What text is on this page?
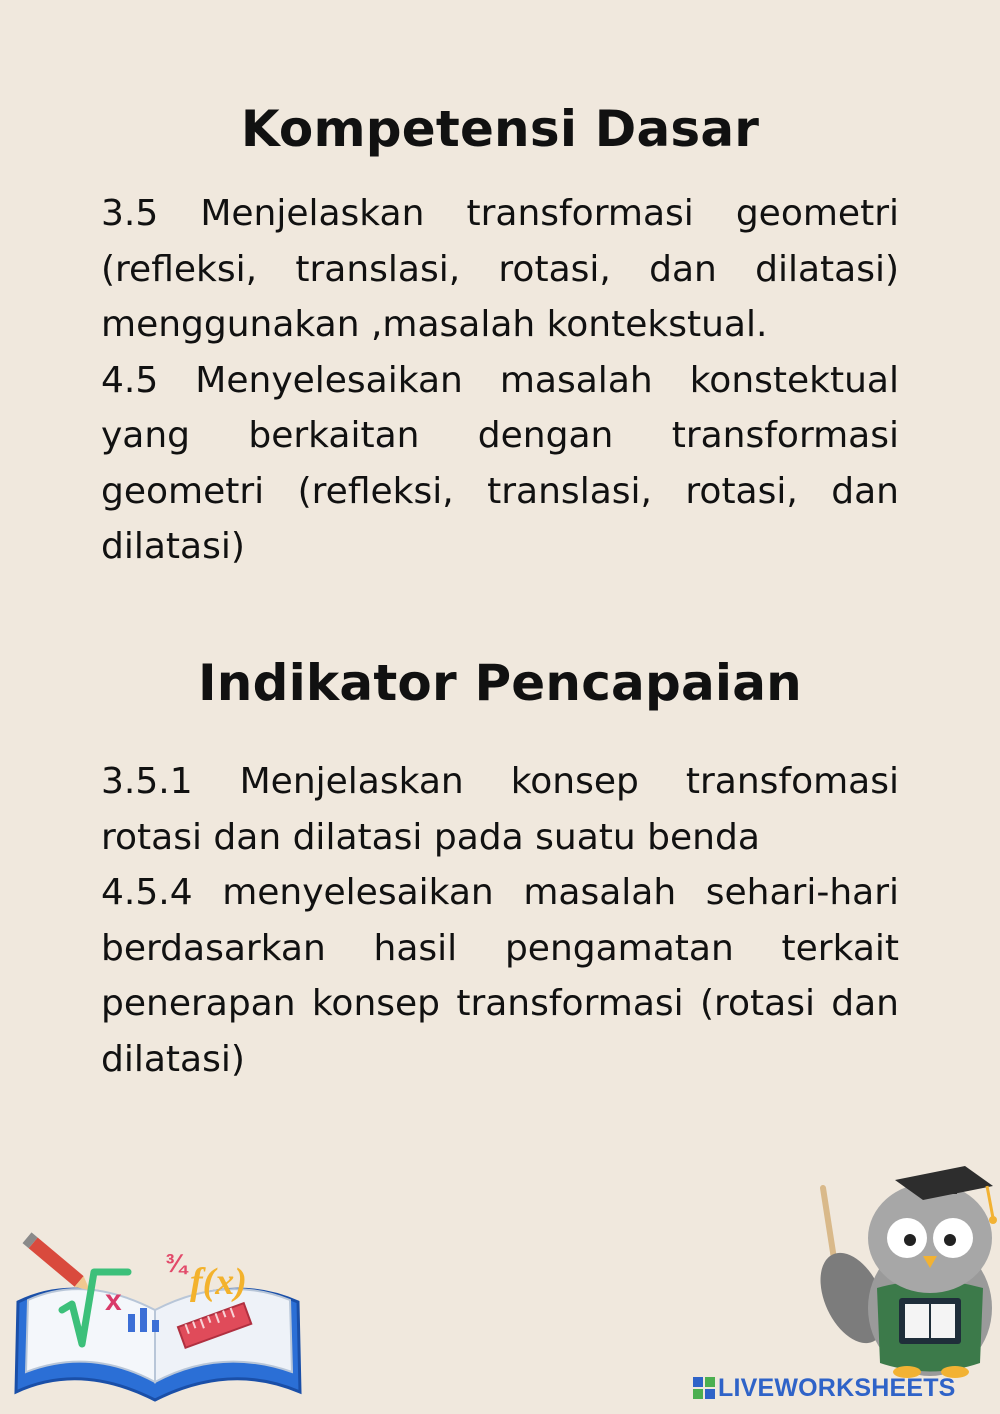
Kompetensi Dasar

3.5 Menjelaskan transformasi geometri (refleksi, translasi, rotasi, dan dilatasi) menggunakan ,masalah kontekstual.

4.5 Menyelesaikan masalah konstektual yang berkaitan dengan transformasi geometri (refleksi, translasi, rotasi, dan dilatasi)

Indikator Pencapaian

3.5.1 Menjelaskan konsep transfomasi rotasi dan dilatasi pada suatu benda

4.5.4 menyelesaikan masalah sehari-hari berdasarkan hasil pengamatan terkait penerapan konsep transformasi (rotasi dan dilatasi)

x
¾ f(x)
LIVEWORKSHEETS
